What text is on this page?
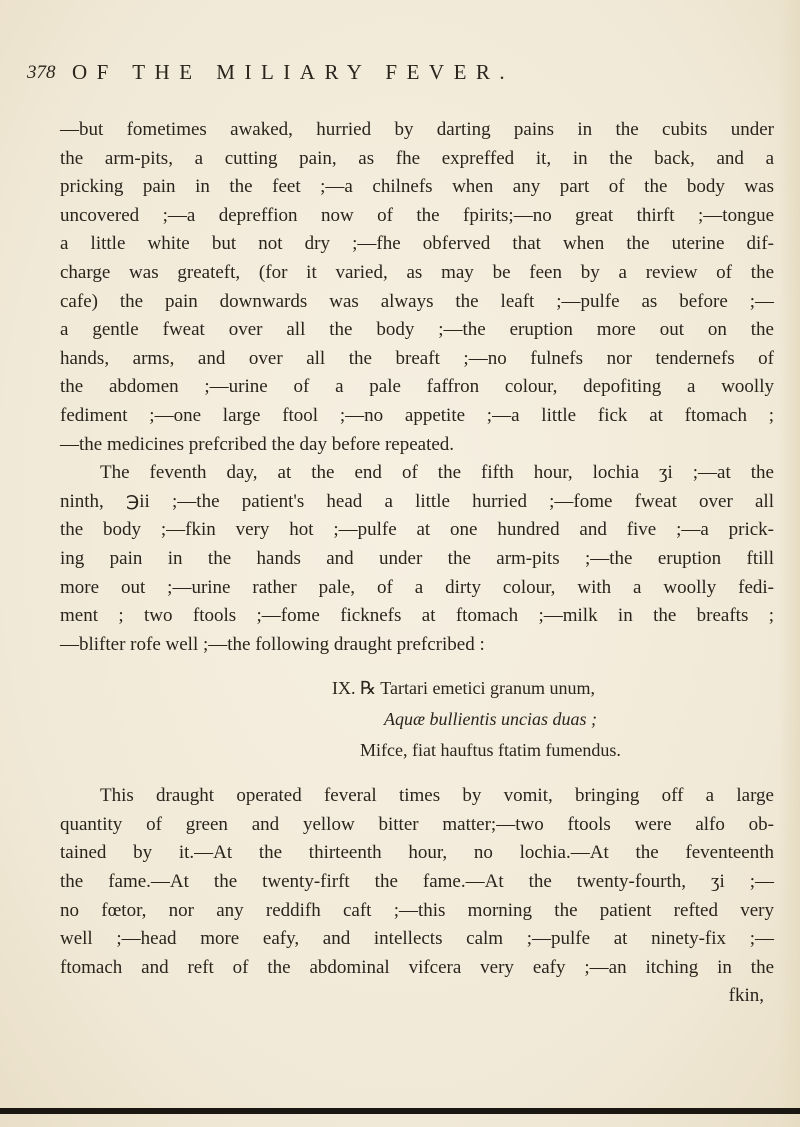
378 OF THE MILIARY FEVER.
—but fometimes awaked, hurried by darting pains in the cubits under
the arm-pits, a cutting pain, as fhe expreffed it, in the back, and a
pricking pain in the feet ;—a chilnefs when any part of the body was
uncovered ;—a depreffion now of the fpirits;—no great thirft ;—tongue
a little white but not dry ;—fhe obferved that when the uterine dif-
charge was greateft, (for it varied, as may be feen by a review of the
cafe) the pain downwards was always the leaft ;—pulfe as before ;—
a gentle fweat over all the body ;—the eruption more out on the
hands, arms, and over all the breaft ;—no fulnefs nor tendernefs of
the abdomen ;—urine of a pale faffron colour, depofiting a woolly
fediment ;—one large ftool ;—no appetite ;—a little fick at ftomach ;
—the medicines prefcribed the day before repeated.
The feventh day, at the end of the fifth hour, lochia ʒi ;—at the
ninth, ℈ii ;—the patient's head a little hurried ;—fome fweat over all
the body ;—fkin very hot ;—pulfe at one hundred and five ;—a prick-
ing pain in the hands and under the arm-pits ;—the eruption ftill
more out ;—urine rather pale, of a dirty colour, with a woolly fedi-
ment ; two ftools ;—fome ficknefs at ftomach ;—milk in the breafts ;
—blifter rofe well ;—the following draught prefcribed :
IX. ℞ Tartari emetici granum unum,
Aquæ bullientis uncias duas ;
Mifce, fiat hauftus ftatim fumendus.
This draught operated feveral times by vomit, bringing off a large
quantity of green and yellow bitter matter;—two ftools were alfo ob-
tained by it.—At the thirteenth hour, no lochia.—At the feventeenth
the fame.—At the twenty-firft the fame.—At the twenty-fourth, ʒi ;—
no fœtor, nor any reddifh caft ;—this morning the patient refted very
well ;—head more eafy, and intellects calm ;—pulfe at ninety-fix ;—
ftomach and reft of the abdominal vifcera very eafy ;—an itching in the
fkin,
